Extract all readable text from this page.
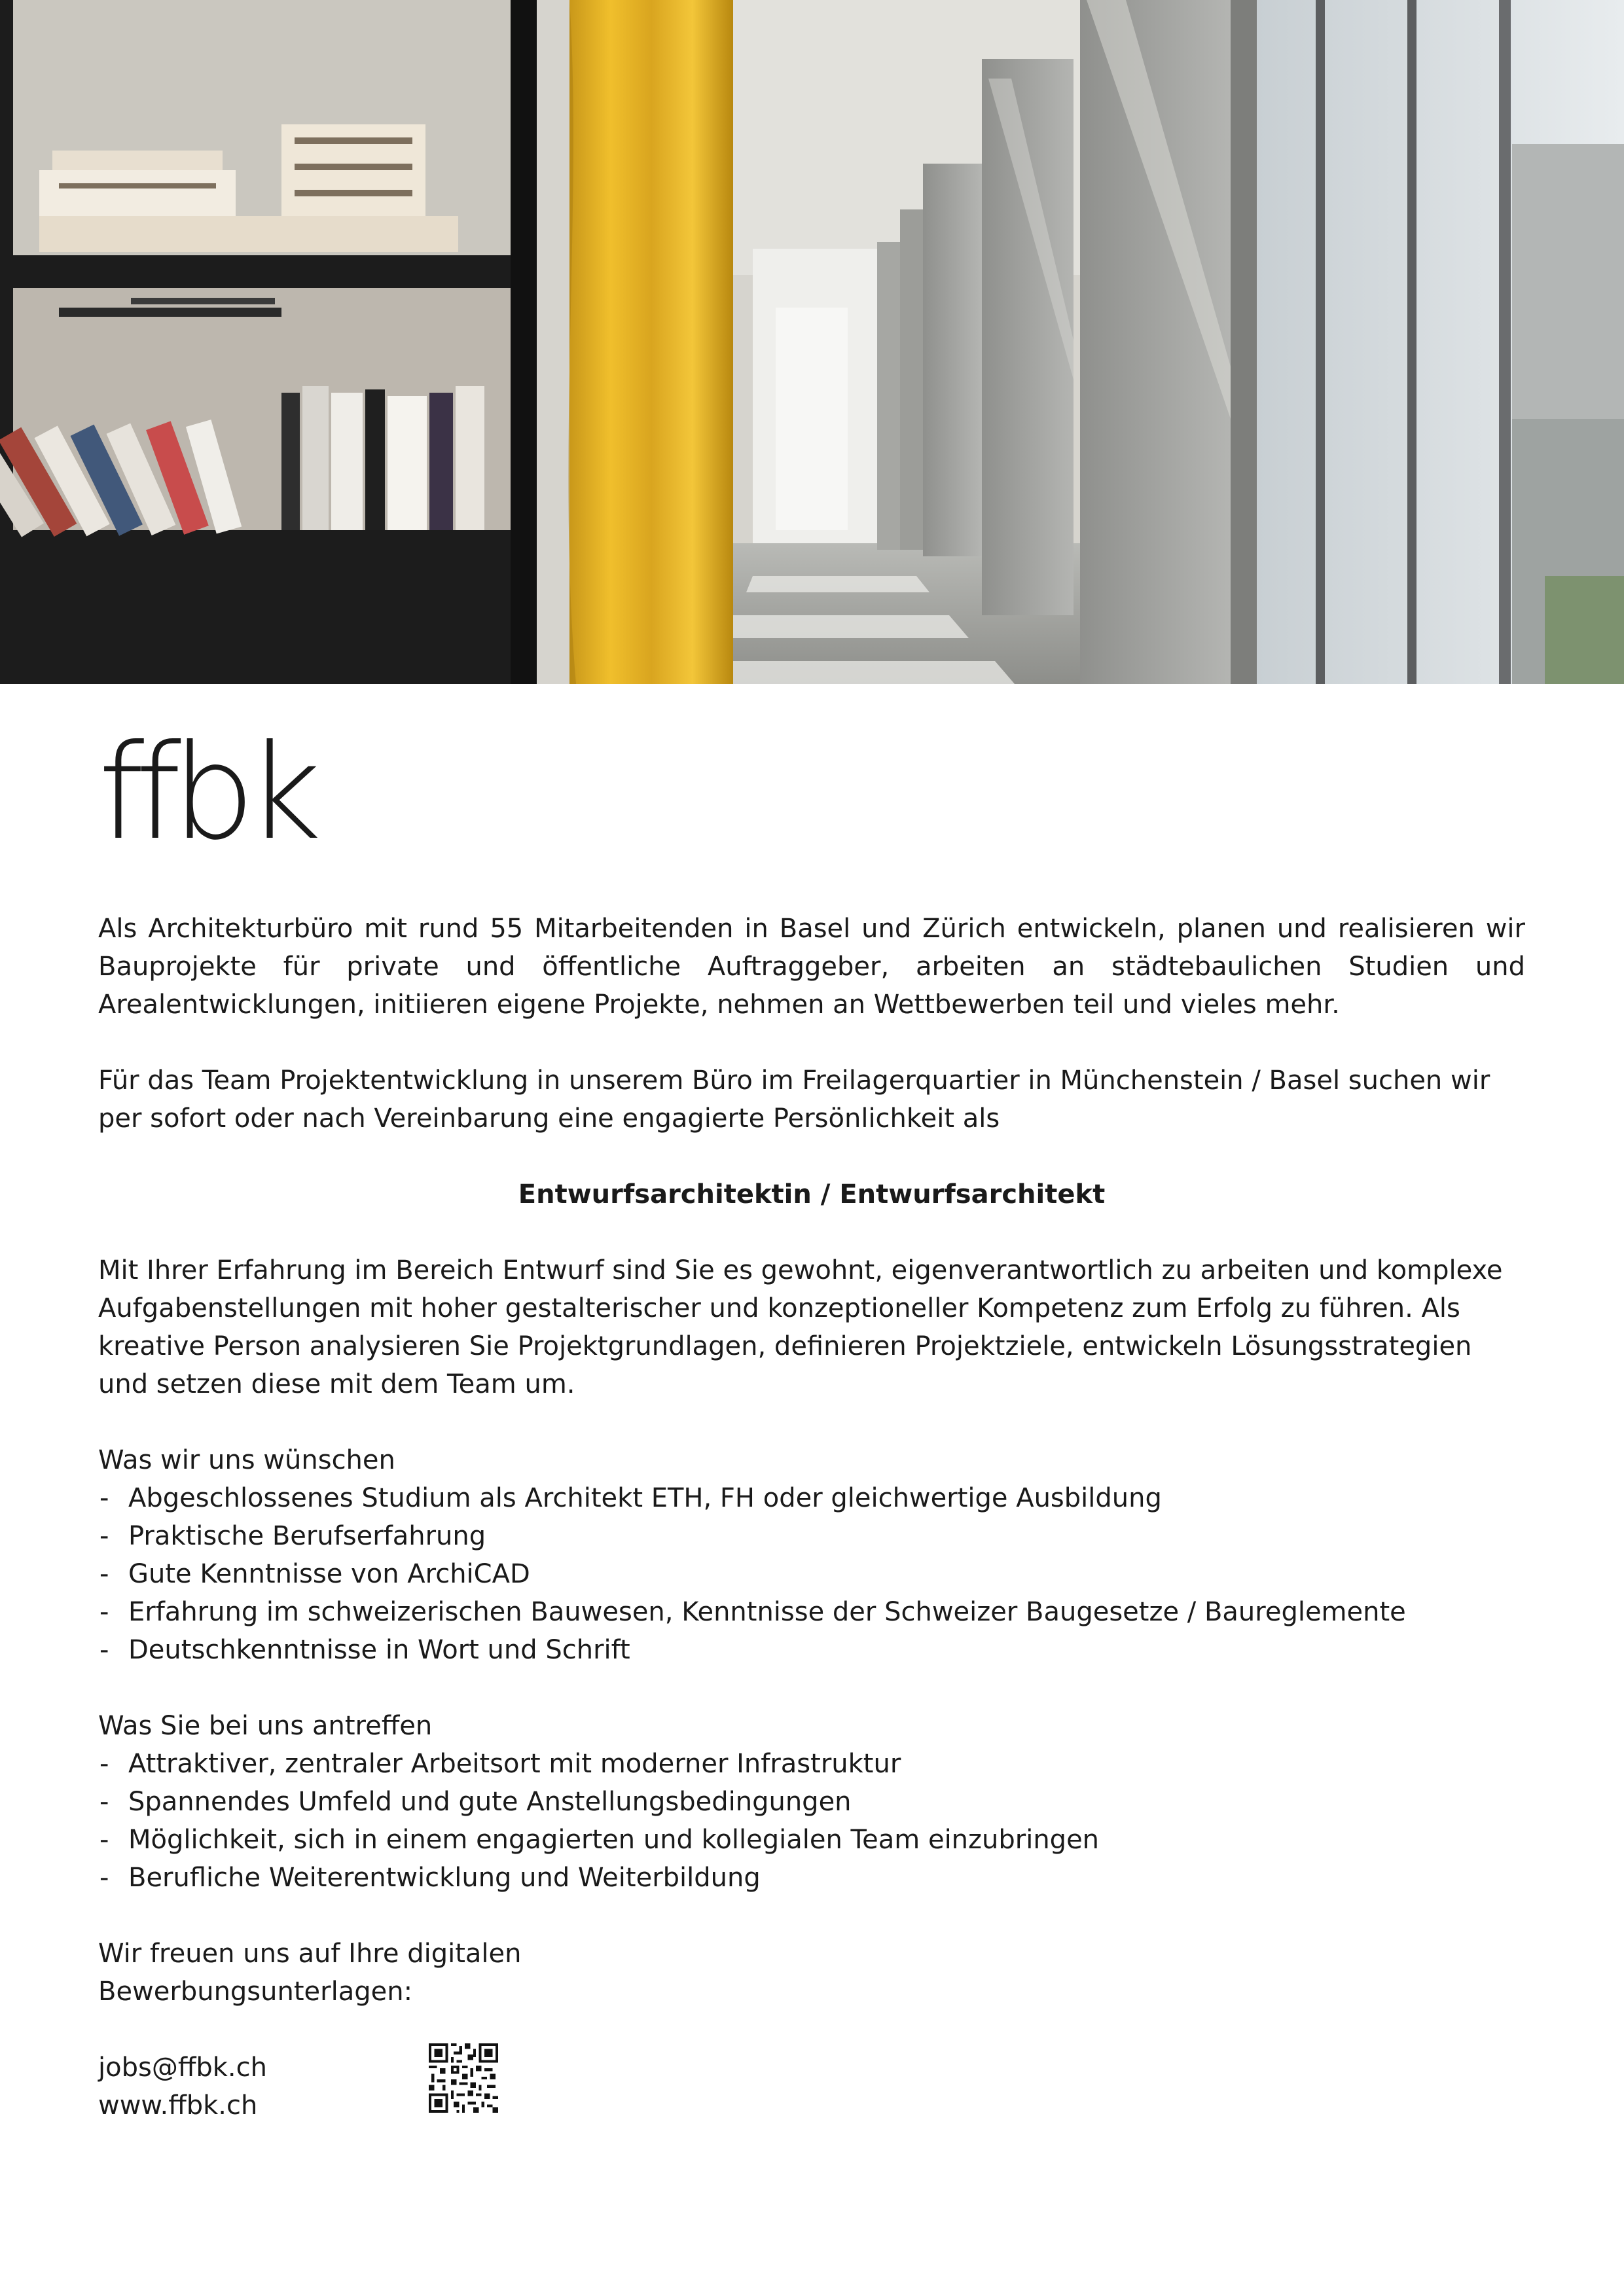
ffbk

Als Architekturbüro mit rund 55 Mitarbeitenden in Basel und Zürich entwickeln, planen und realisieren wir Bauprojekte für private und öffentliche Auftraggeber, arbeiten an städtebaulichen Studien und Arealentwicklungen, initiieren eigene Projekte, nehmen an Wettbewerben teil und vieles mehr.

Für das Team Projektentwicklung in unserem Büro im Freilagerquartier in Münchenstein / Basel suchen wir per sofort oder nach Vereinbarung eine engagierte Persönlichkeit als

Entwurfsarchitektin / Entwurfsarchitekt

Mit Ihrer Erfahrung im Bereich Entwurf sind Sie es gewohnt, eigenverantwortlich zu arbeiten und komplexe Aufgabenstellungen mit hoher gestalterischer und konzeptioneller Kompetenz zum Erfolg zu führen. Als kreative Person analysieren Sie Projektgrundlagen, definieren Projektziele, entwickeln Lösungsstrategien und setzen diese mit dem Team um.

Was wir uns wünschen

- Abgeschlossenes Studium als Architekt ETH, FH oder gleichwertige Ausbildung
- Praktische Berufserfahrung
- Gute Kenntnisse von ArchiCAD
- Erfahrung im schweizerischen Bauwesen, Kenntnisse der Schweizer Baugesetze / Baureglemente
- Deutschkenntnisse in Wort und Schrift

Was Sie bei uns antreffen

- Attraktiver, zentraler Arbeitsort mit moderner Infrastruktur
- Spannendes Umfeld und gute Anstellungsbedingungen
- Möglichkeit, sich in einem engagierten und kollegialen Team einzubringen
- Berufliche Weiterentwicklung und Weiterbildung

Wir freuen uns auf Ihre digitalen

Bewerbungsunterlagen:

jobs@ffbk.ch

www.ffbk.ch
